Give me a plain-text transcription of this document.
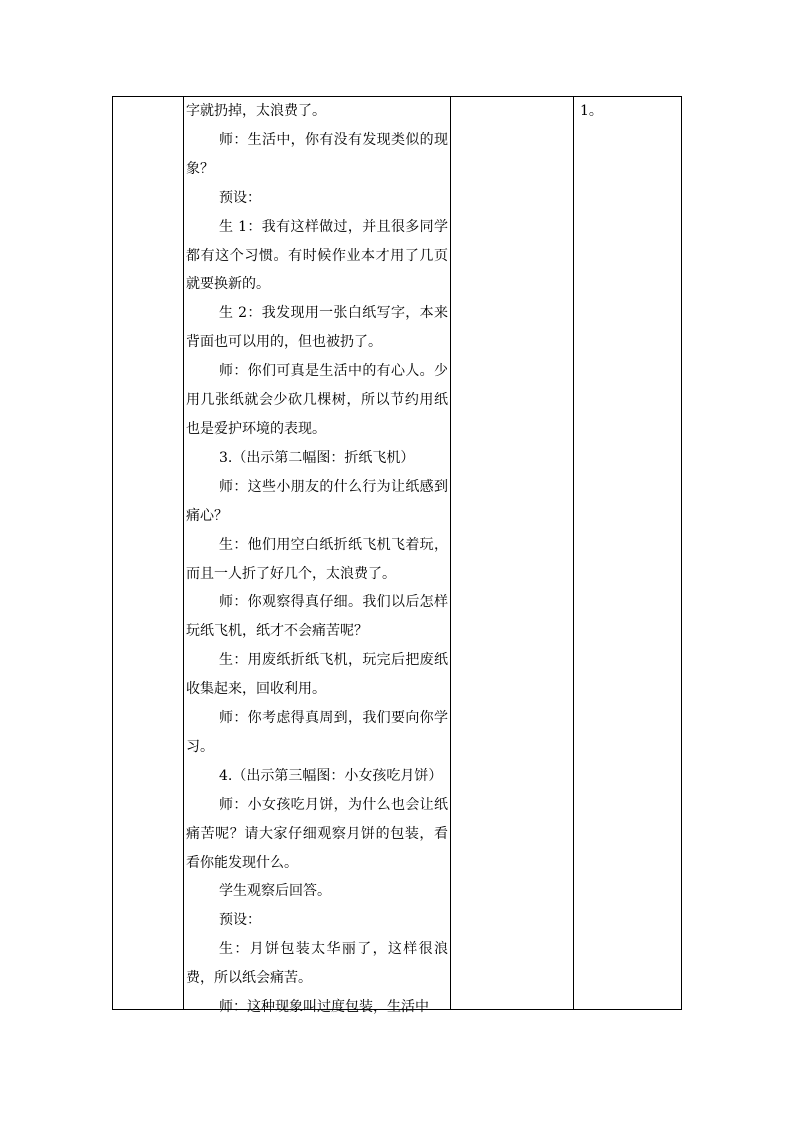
字就扔掉，太浪费了。

师：生活中，你有没有发现类似的现象？

预设：

生 1：我有这样做过，并且很多同学都有这个习惯。有时候作业本才用了几页就要换新的。

生 2：我发现用一张白纸写字，本来背面也可以用的，但也被扔了。

师：你们可真是生活中的有心人。少用几张纸就会少砍几棵树，所以节约用纸也是爱护环境的表现。

3.（出示第二幅图：折纸飞机）

师：这些小朋友的什么行为让纸感到痛心？

生：他们用空白纸折纸飞机飞着玩，而且一人折了好几个，太浪费了。

师：你观察得真仔细。我们以后怎样玩纸飞机，纸才不会痛苦呢？

生：用废纸折纸飞机，玩完后把废纸收集起来，回收利用。

师：你考虑得真周到，我们要向你学习。

4.（出示第三幅图：小女孩吃月饼）

师：小女孩吃月饼，为什么也会让纸痛苦呢？请大家仔细观察月饼的包装，看看你能发现什么。

学生观察后回答。

预设：

生：月饼包装太华丽了，这样很浪费，所以纸会痛苦。

师：这种现象叫过度包装，生活中

1。
